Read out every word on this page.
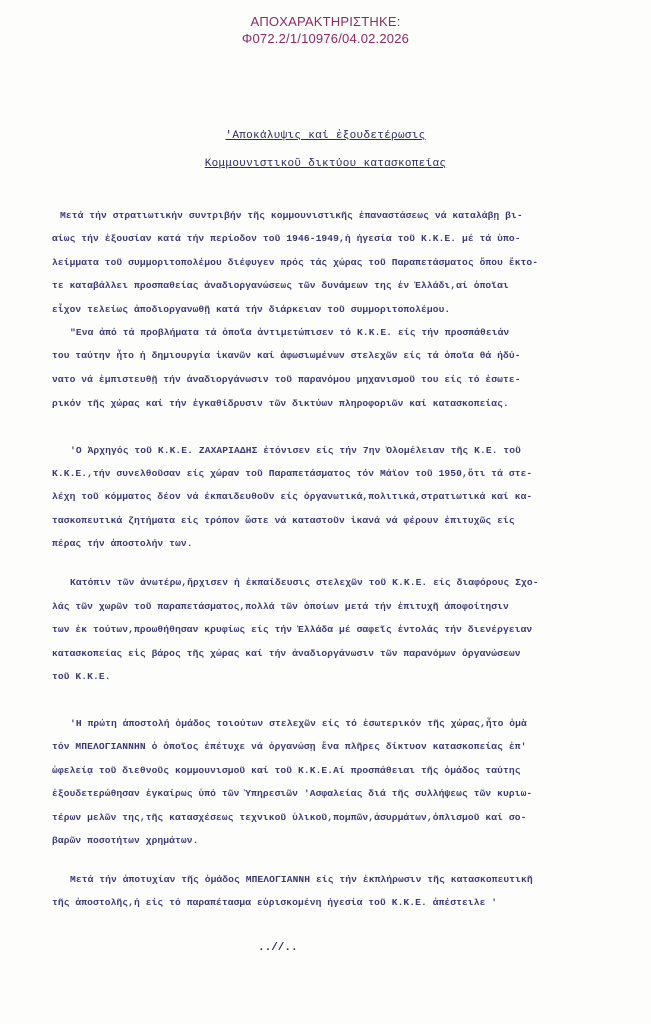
ΑΠΟΧΑΡΑΚΤΗΡΙΣΤΗΚΕ:
Φ072.2/1/10976/04.02.2026
'Αποκάλυψις καί ἐξουδετέρωσις
Κομμουνιστικοῦ δικτύου κατασκοπείας
Μετά τήν στρατιωτικήν συντριβήν τῆς κομμουνιστικῆς ἐπαναστάσεως νά καταλάβῃ βι-
αίως τήν ἐξουσίαν κατά τήν περίοδον τοῦ 1946-1949,ἡ ἡγεσία τοῦ Κ.Κ.Ε. μέ τά ὑπο-
λείμματα τοῦ συμμοριτοπολέμου διέφυγεν πρός τάς χώρας τοῦ Παραπετάσματος ὅπου ἔκτο-
τε καταβάλλει προσπαθείας ἀναδιοργανώσεως τῶν δυνάμεων της ἐν Ἑλλάδι,αί ὁποῖαι
εἶχον τελείως ἀποδιοργανωθῇ κατά τήν διάρκειαν τοῦ συμμοριτοπολέμου.
"Ενα ἀπό τά προβλήματα τά ὁποῖα ἀντιμετώπισεν τό Κ.Κ.Ε. είς τήν προσπάθειάν
του ταύτην ἦτο ἡ δημιουργία ἱκανῶν καί ἀφωσιωμένων στελεχῶν είς τά ὁποῖα θά ἠδύ-
νατο νά ἐμπιστευθῇ τήν ἀναδιοργάνωσιν τοῦ παρανόμου μηχανισμοῦ του είς τό ἐσωτε-
ρικόν τῆς χώρας καί τήν ἐγκαθίδρυσιν τῶν δικτύων πληροφοριῶν καί κατασκοπείας.
'Ο Ἀρχηγός τοῦ Κ.Κ.Ε. ΖΑΧΑΡΙΑΔΗΣ ἐτόνισεν είς τήν 7ην Ὁλομέλειαν τῆς Κ.Ε. τοῦ
Κ.Κ.Ε.,τήν συνελθοῦσαν είς χώραν τοῦ Παραπετάσματος τόν Μάϊον τοῦ 1950,ὅτι τά στε-
λέχη τοῦ κόμματος δέον νά ἐκπαιδευθοῦν είς ὀργανωτικά,πολιτικά,στρατιωτικά καί κα-
τασκοπευτικά ζητήματα είς τρόπον ὥστε νά καταστοῦν ἱκανά νά φέρουν ἐπιτυχῶς είς
πέρας τήν ἀποστολήν των.
Κατόπιν τῶν ἀνωτέρω,ἤρχισεν ἡ ἐκπαίδευσις στελεχῶν τοῦ Κ.Κ.Ε. είς διαφόρους Σχο-
λάς τῶν χωρῶν τοῦ παραπετάσματος,πολλά τῶν ὁποίων μετά τήν ἐπιτυχῆ ἀποφοίτησιν
των ἐκ τούτων,προωθήθησαν κρυφίως είς τήν Ἑλλάδα μέ σαφεῖς ἐντολάς τήν διενέργειαν
κατασκοπείας εἰς βάρος τῆς χώρας καί τήν ἀναδιοργάνωσιν τῶν παρανόμων ὀργανώσεων
τοῦ Κ.Κ.Ε.
'Η πρώτη ἀποστολή ὁμάδος τοιούτων στελεχῶν είς τό ἐσωτερικόν τῆς χώρας,ἦτο ὁμὰ
τόν ΜΠΕΛΟΓΙΑΝΝΗΝ ὁ ὁποῖος ἐπέτυχε νά ὀργανώσῃ ἕνα πλῆρες δίκτυον κατασκοπείας ἐπ'
ὠφελείᾳ τοῦ διεθνοῦς κομμουνισμοῦ καί τοῦ Κ.Κ.Ε.Αί προσπάθειαι τῆς ὁμάδος ταύτης
ἐξουδετερώθησαν ἐγκαίρως ὑπό τῶν Ὑπηρεσιῶν 'Ασφαλείας διά τῆς συλλήψεως τῶν κυριω-
τέρων μελῶν της,τῆς κατασχέσεως τεχνικοῦ ὑλικοῦ,πομπῶν,ἀσυρμάτων,ὀπλισμοῦ καί σο-
βαρῶν ποσοτήτων χρημάτων.
Μετά τήν ἀποτυχίαν τῆς ὁμάδος ΜΠΕΛΟΓΙΑΝΝΗ είς τήν ἐκπλήρωσιν τῆς κατασκοπευτικῆ
τῆς ἀποστολῆς,ἡ είς τό παραπέτασμα εὑρισκομένη ἡγεσία τοῦ Κ.Κ.Ε. ἀπέστειλε '
..//..
